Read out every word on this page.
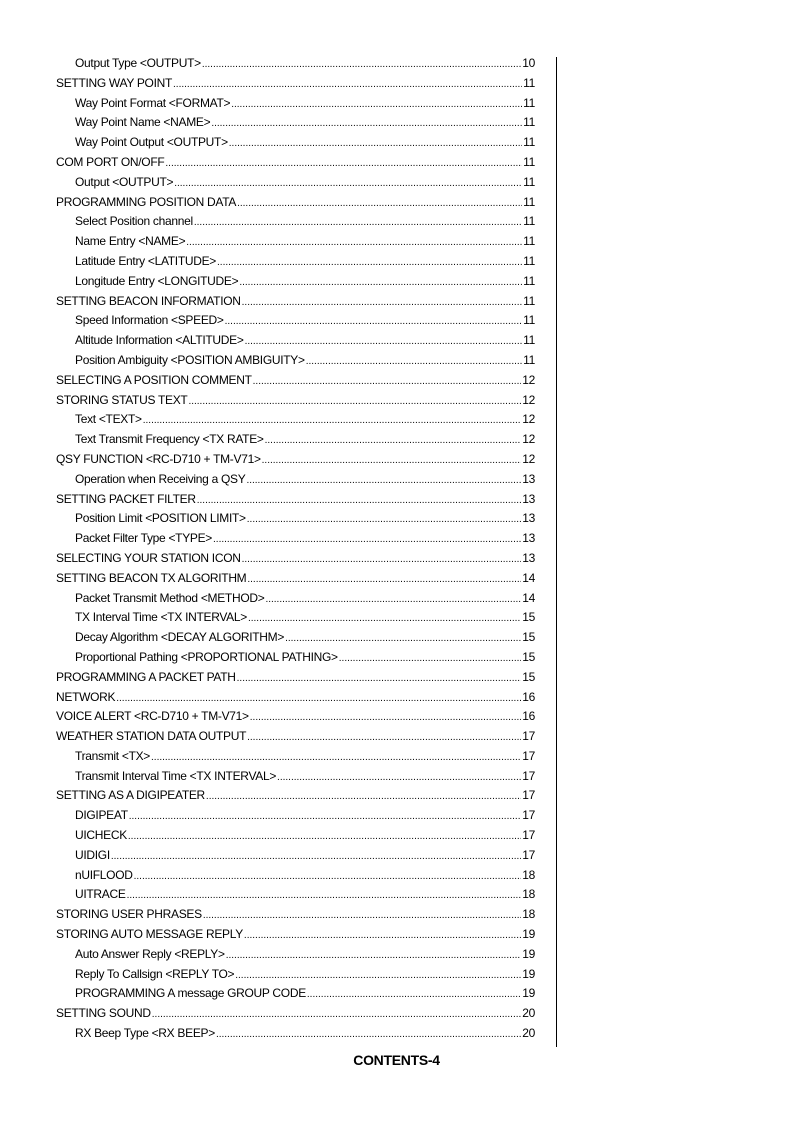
Output Type <OUTPUT> .....	10
SETTING WAY POINT .....	11
Way Point Format <FORMAT> .....	11
Way Point Name <NAME> .....	11
Way Point Output <OUTPUT> .....	11
COM PORT ON/OFF .....	11
Output <OUTPUT> .....	11
PROGRAMMING POSITION DATA .....	11
Select Position channel .....	11
Name Entry <NAME> .....	11
Latitude Entry <LATITUDE> .....	11
Longitude Entry <LONGITUDE> .....	11
SETTING BEACON INFORMATION .....	11
Speed Information <SPEED> .....	11
Altitude Information <ALTITUDE> .....	11
Position Ambiguity <POSITION AMBIGUITY> .....	11
SELECTING A POSITION COMMENT .....	12
STORING STATUS TEXT .....	12
Text <TEXT> .....	12
Text Transmit Frequency <TX RATE> .....	12
QSY FUNCTION <RC-D710 + TM-V71> .....	12
Operation when Receiving a QSY .....	13
SETTING PACKET FILTER .....	13
Position Limit <POSITION LIMIT> .....	13
Packet Filter Type <TYPE> .....	13
SELECTING YOUR STATION ICON .....	13
SETTING BEACON TX ALGORITHM .....	14
Packet Transmit Method <METHOD> .....	14
TX Interval Time <TX INTERVAL> .....	15
Decay Algorithm <DECAY ALGORITHM> .....	15
Proportional Pathing <PROPORTIONAL PATHING> .....	15
PROGRAMMING A PACKET PATH .....	15
NETWORK .....	16
VOICE ALERT <RC-D710 + TM-V71> .....	16
WEATHER STATION DATA OUTPUT .....	17
Transmit <TX> .....	17
Transmit Interval Time <TX INTERVAL> .....	17
SETTING AS A DIGIPEATER .....	17
DIGIPEAT .....	17
UICHECK .....	17
UIDIGI .....	17
nUIFLOOD .....	18
UITRACE .....	18
STORING USER PHRASES .....	18
STORING AUTO MESSAGE REPLY .....	19
Auto Answer Reply <REPLY> .....	19
Reply To Callsign <REPLY TO> .....	19
PROGRAMMING A message GROUP CODE .....	19
SETTING SOUND .....	20
RX Beep Type <RX BEEP> .....	20
CONTENTS-4
